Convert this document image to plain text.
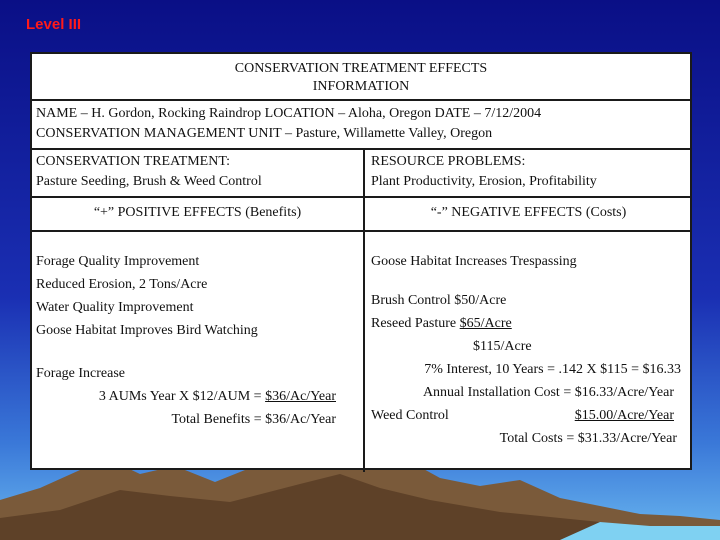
Level III
CONSERVATION TREATMENT EFFECTS
INFORMATION
NAME – H. Gordon, Rocking Raindrop LOCATION – Aloha, Oregon DATE – 7/12/2004
CONSERVATION MANAGEMENT UNIT – Pasture, Willamette Valley, Oregon
CONSERVATION TREATMENT:
Pasture Seeding, Brush & Weed Control
RESOURCE PROBLEMS:
Plant Productivity, Erosion, Profitability
“+” POSITIVE EFFECTS (Benefits)	“-” NEGATIVE EFFECTS (Costs)
Forage Quality Improvement
Reduced Erosion, 2 Tons/Acre
Water Quality Improvement
Goose Habitat Improves Bird Watching
Forage Increase
3 AUMs Year X $12/AUM = $36/Ac/Year
Total Benefits = $36/Ac/Year
Goose Habitat Increases Trespassing
Brush Control $50/Acre
Reseed Pasture $65/Acre
$115/Acre
7% Interest, 10 Years = .142 X $115 = $16.33
Annual Installation Cost = $16.33/Acre/Year
Weed Control	$15.00/Acre/Year
Total Costs = $31.33/Acre/Year
